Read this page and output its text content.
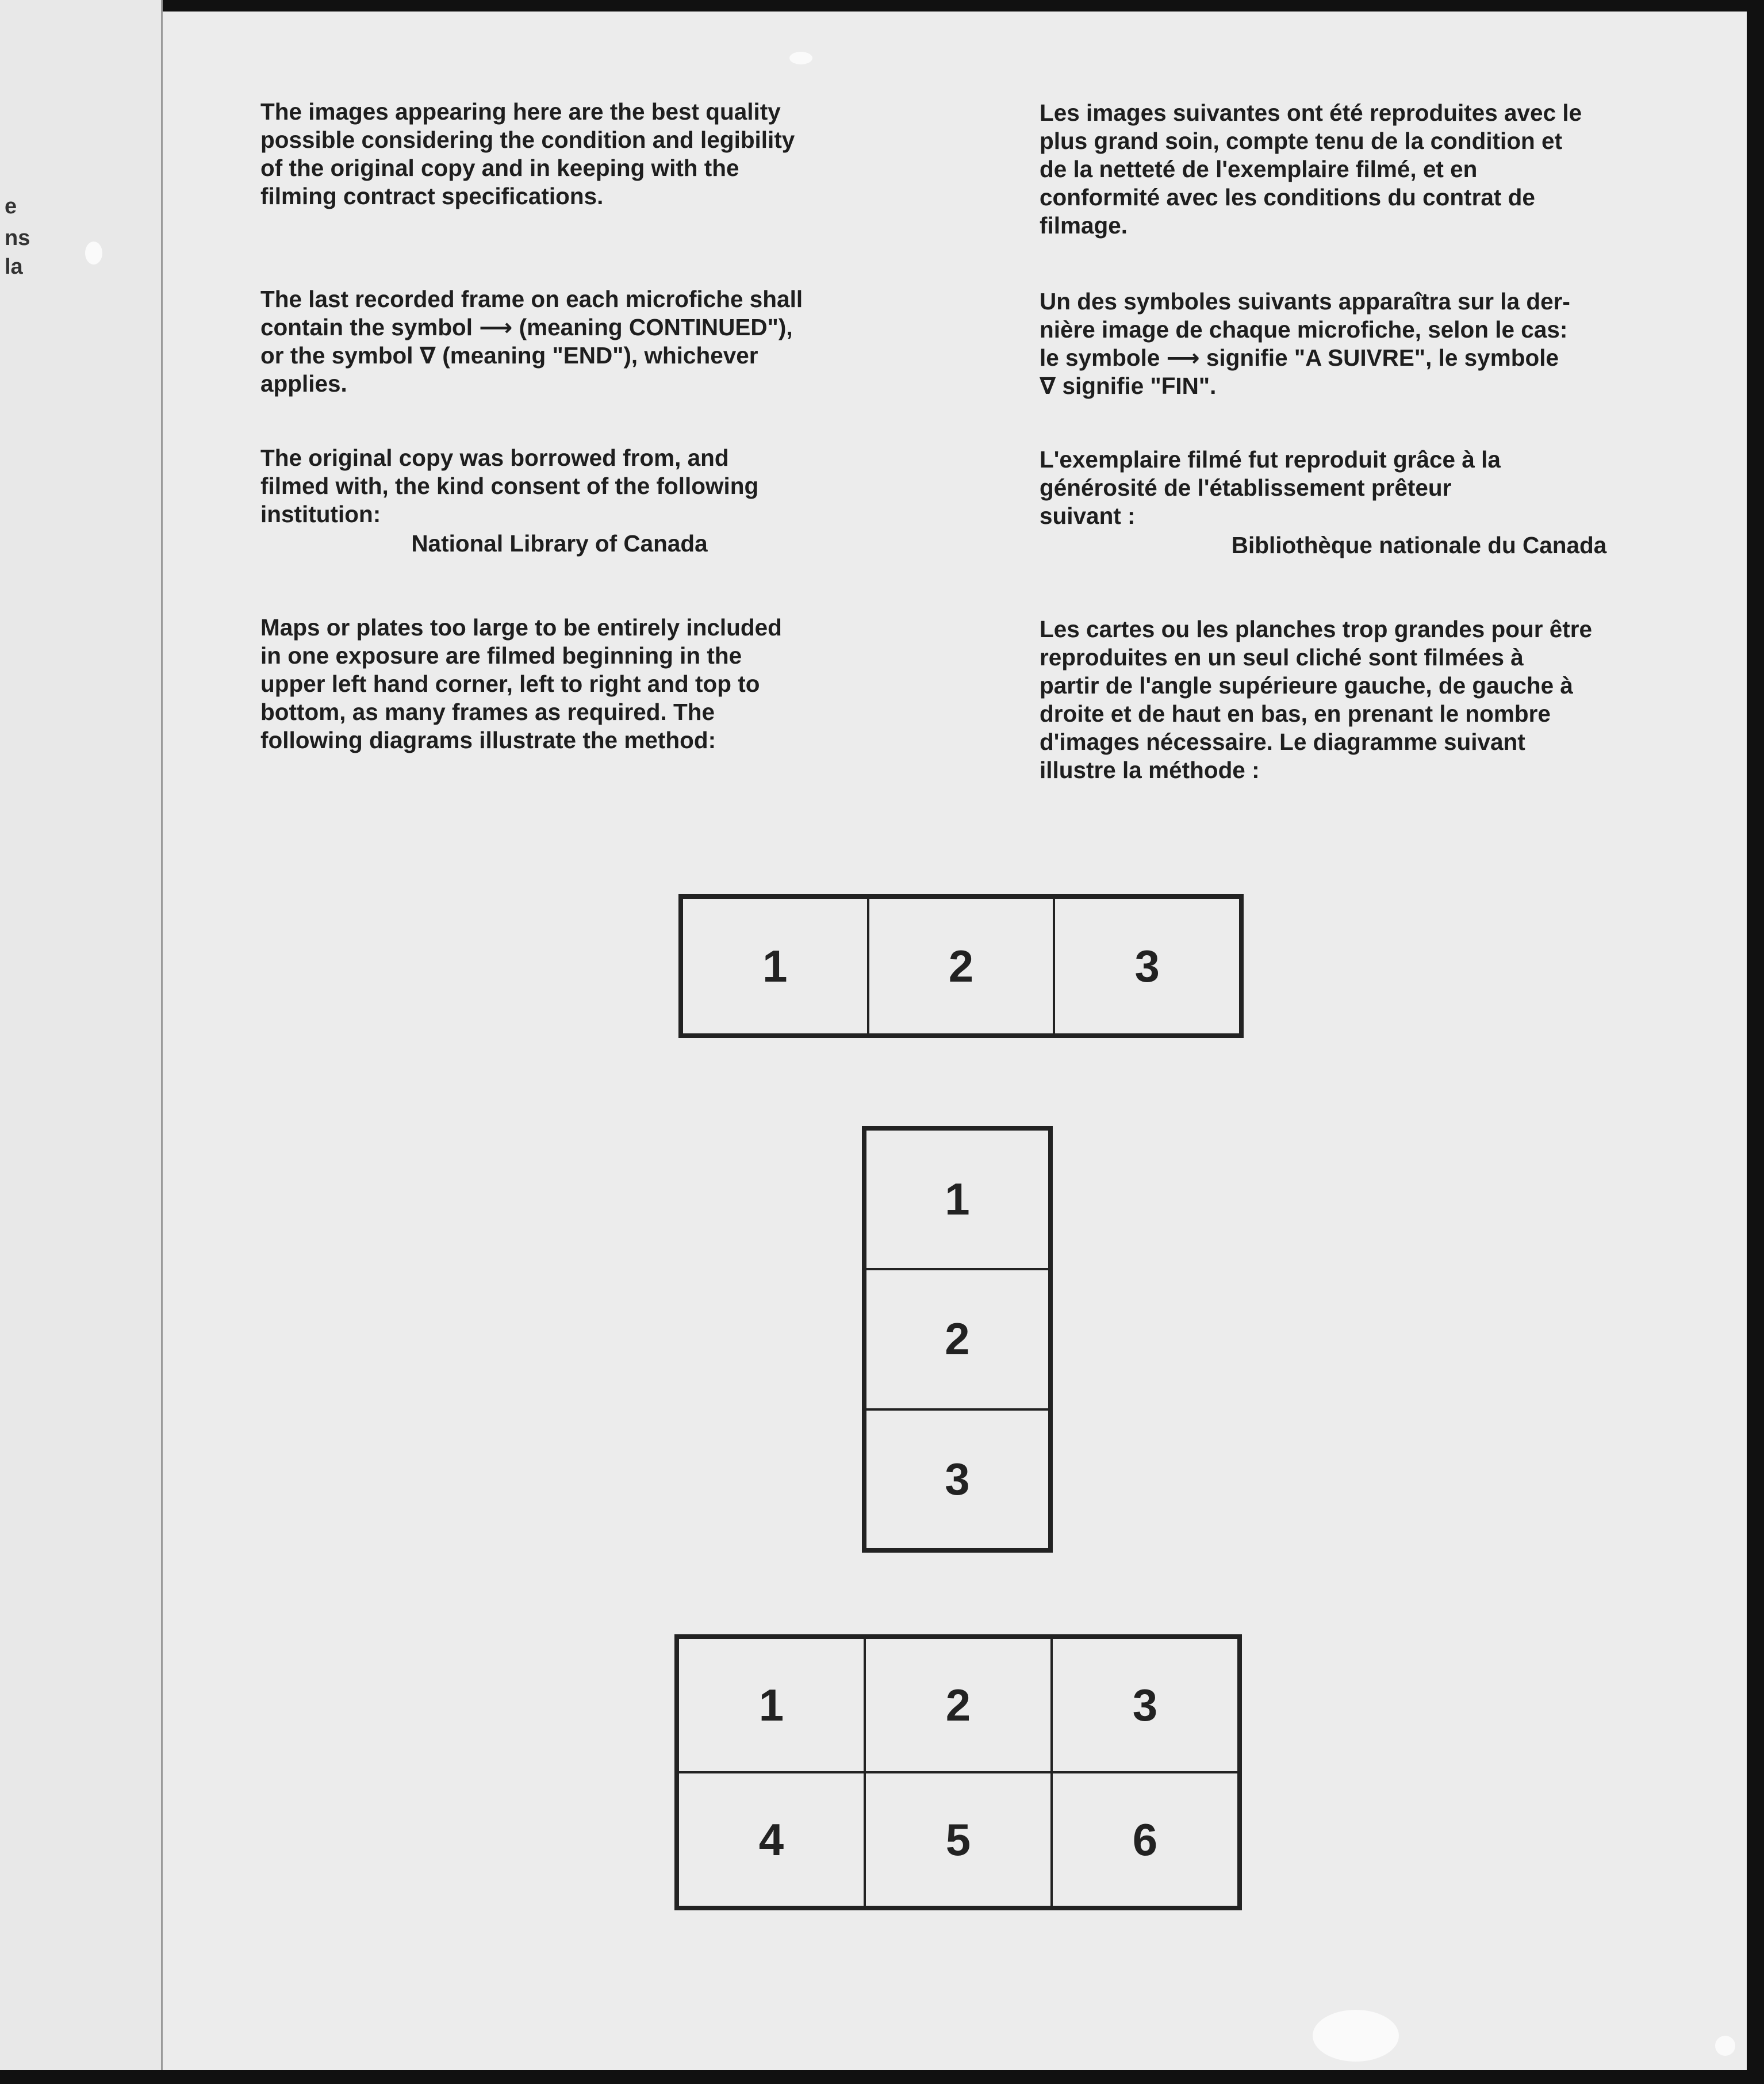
e
ns
la

The images appearing here are the best quality
possible considering the condition and legibility
of the original copy and in keeping with the
filming contract specifications.

The last recorded frame on each microfiche shall
contain the symbol ⟶ (meaning CONTINUED"),
or the symbol ∇ (meaning "END"), whichever
applies.

The original copy was borrowed from, and
filmed with, the kind consent of the following
institution:

National Library of Canada

Maps or plates too large to be entirely included
in one exposure are filmed beginning in the
upper left hand corner, left to right and top to
bottom, as many frames as required. The
following diagrams illustrate the method:

Les images suivantes ont été reproduites avec le
plus grand soin, compte tenu de la condition et
de la netteté de l'exemplaire filmé, et en
conformité avec les conditions du contrat de
filmage.

Un des symboles suivants apparaîtra sur la der-
nière image de chaque microfiche, selon le cas:
le symbole ⟶ signifie "A SUIVRE", le symbole
∇ signifie "FIN".

L'exemplaire filmé fut reproduit grâce à la
générosité de l'établissement prêteur
suivant :

Bibliothèque nationale du Canada

Les cartes ou les planches trop grandes pour être
reproduites en un seul cliché sont filmées à
partir de l'angle supérieure gauche, de gauche à
droite et de haut en bas, en prenant le nombre
d'images nécessaire. Le diagramme suivant
illustre la méthode :

1	2	3
1
2
3
1	2	3
4	5	6
